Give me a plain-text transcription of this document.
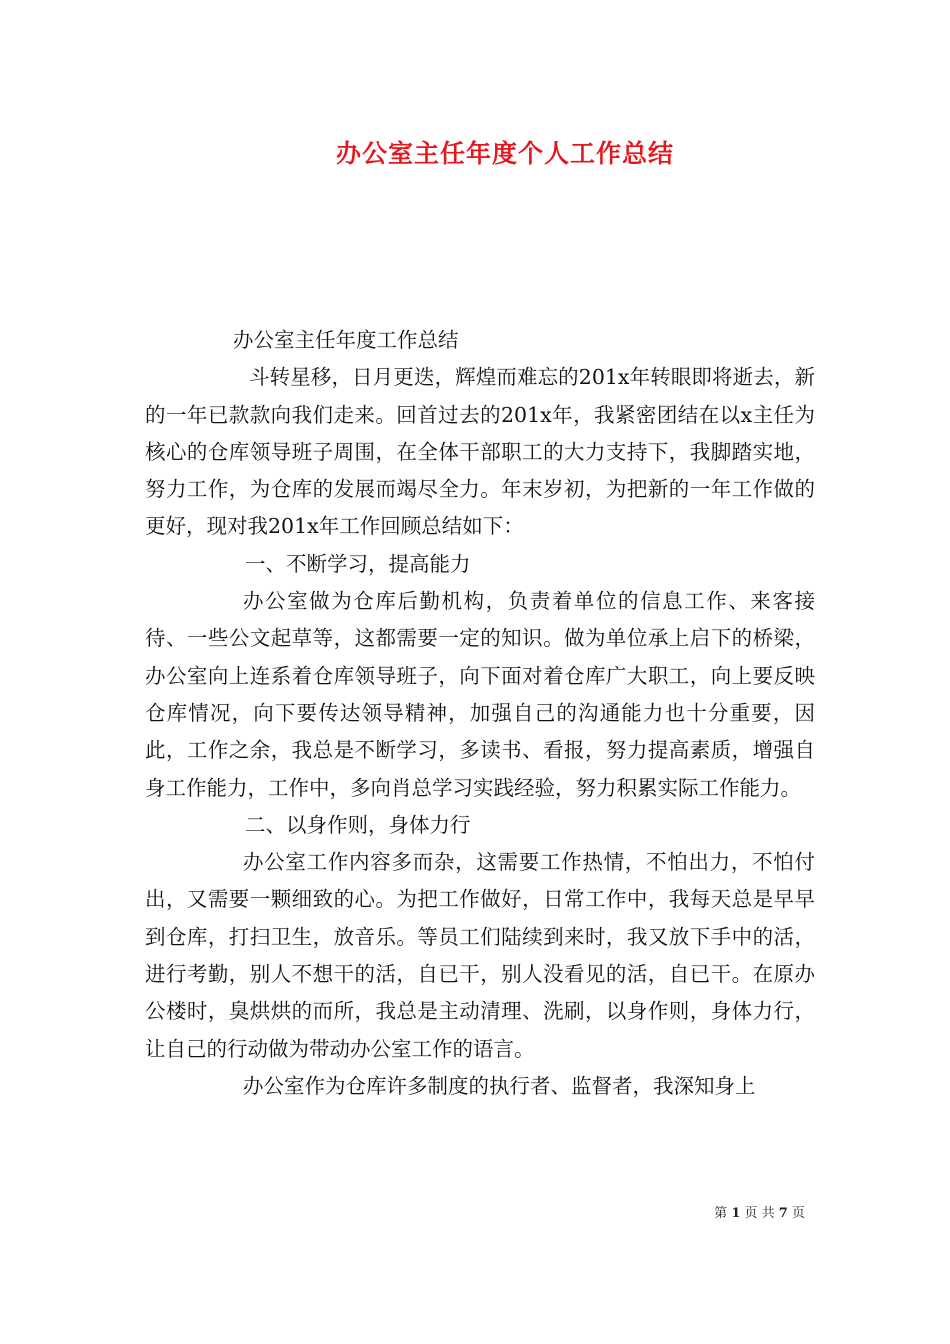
办公室主任年度个人工作总结

办公室主任年度工作总结

斗转星移，日月更迭，辉煌而难忘的201x年转眼即将逝去，新的一年已款款向我们走来。回首过去的201x年，我紧密团结在以x主任为核心的仓库领导班子周围，在全体干部职工的大力支持下，我脚踏实地，努力工作，为仓库的发展而竭尽全力。年末岁初，为把新的一年工作做的更好，现对我201x年工作回顾总结如下：

一、不断学习，提高能力

办公室做为仓库后勤机构，负责着单位的信息工作、来客接待、一些公文起草等，这都需要一定的知识。做为单位承上启下的桥梁，办公室向上连系着仓库领导班子，向下面对着仓库广大职工，向上要反映仓库情况，向下要传达领导精神，加强自己的沟通能力也十分重要，因此，工作之余，我总是不断学习，多读书、看报，努力提高素质，增强自身工作能力，工作中，多向肖总学习实践经验，努力积累实际工作能力。

二、以身作则，身体力行

办公室工作内容多而杂，这需要工作热情，不怕出力，不怕付出，又需要一颗细致的心。为把工作做好，日常工作中，我每天总是早早到仓库，打扫卫生，放音乐。等员工们陆续到来时，我又放下手中的活，进行考勤，别人不想干的活，自已干，别人没看见的活，自已干。在原办公楼时，臭烘烘的而所，我总是主动清理、洗刷，以身作则，身体力行，让自己的行动做为带动办公室工作的语言。

办公室作为仓库许多制度的执行者、监督者，我深知身上

第 1 页 共 7 页
